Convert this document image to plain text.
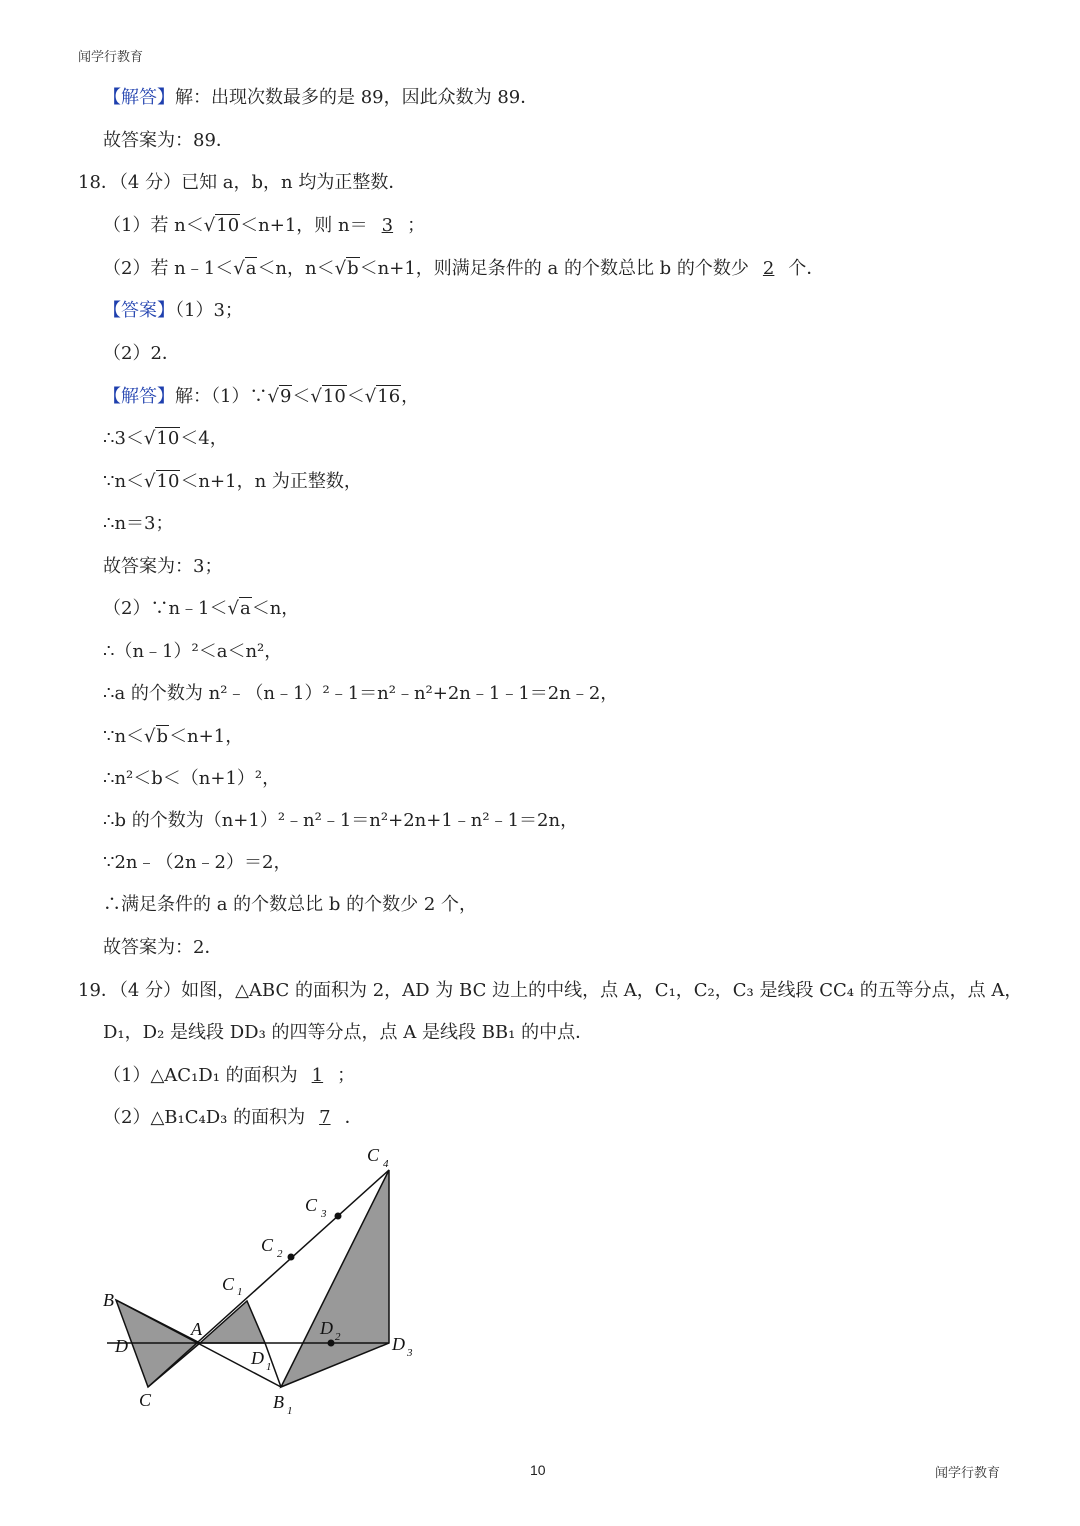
闻学行教育
【解答】解：出现次数最多的是 89，因此众数为 89．
故答案为：89．
18．（4 分）已知 a，b，n 均为正整数．
（1）若 n＜√10＜n+1，则 n＝ 3 ；
（2）若 n﹣1＜√a＜n，n＜√b＜n+1，则满足条件的 a 的个数总比 b 的个数少 2 个．
【答案】（1）3；
（2）2．
【解答】解：（1）∵√9＜√10＜√16，
∴3＜√10＜4，
∵n＜√10＜n+1，n 为正整数，
∴n＝3；
故答案为：3；
（2）∵n﹣1＜√a＜n，
∴（n﹣1）²＜a＜n²，
∴a 的个数为 n²﹣（n﹣1）²﹣1＝n²﹣n²+2n﹣1﹣1＝2n﹣2，
∵n＜√b＜n+1，
∴n²＜b＜（n+1）²，
∴b 的个数为（n+1）²﹣n²﹣1＝n²+2n+1﹣n²﹣1＝2n，
∵2n﹣（2n﹣2）＝2，
∴满足条件的 a 的个数总比 b 的个数少 2 个，
故答案为：2．
19．（4 分）如图，△ABC 的面积为 2，AD 为 BC 边上的中线，点 A，C₁，C₂，C₃ 是线段 CC₄ 的五等分点，点 A，
D₁，D₂ 是线段 DD₃ 的四等分点，点 A 是线段 BB₁ 的中点．
（1）△AC₁D₁ 的面积为 1 ；
（2）△B₁C₄D₃ 的面积为 7 ．
B
D
C
A
C 1
C 2
C 3
C 4
D 1
D 2	D 3
B 1
10	闻学行教育
